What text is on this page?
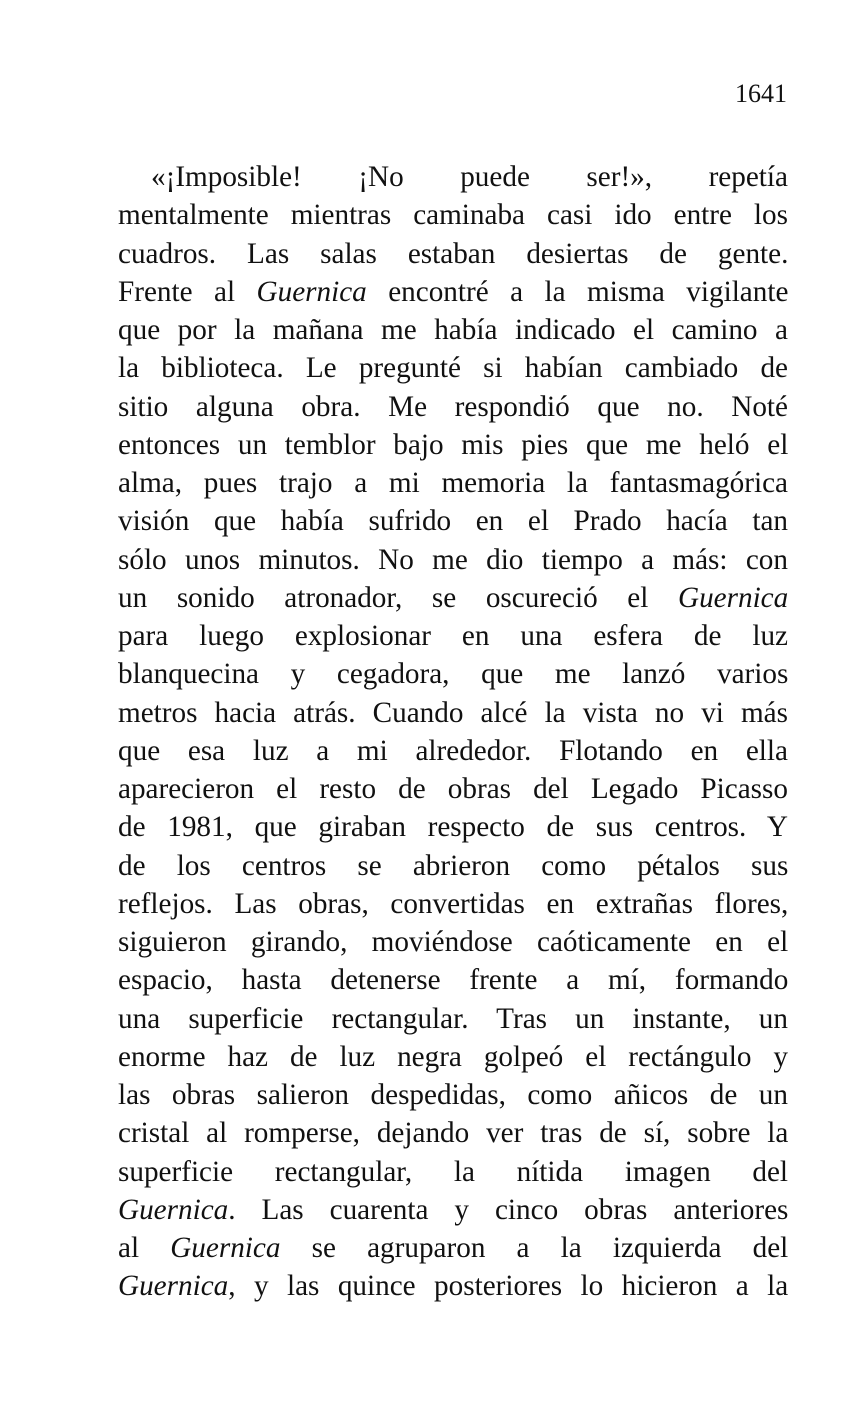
1641
«¡Imposible! ¡No puede ser!», repetía
mentalmente mientras caminaba casi ido entre los
cuadros. Las salas estaban desiertas de gente.
Frente al Guernica encontré a la misma vigilante
que por la mañana me había indicado el camino a
la biblioteca. Le pregunté si habían cambiado de
sitio alguna obra. Me respondió que no. Noté
entonces un temblor bajo mis pies que me heló el
alma, pues trajo a mi memoria la fantasmagórica
visión que había sufrido en el Prado hacía tan
sólo unos minutos. No me dio tiempo a más: con
un sonido atronador, se oscureció el Guernica
para luego explosionar en una esfera de luz
blanquecina y cegadora, que me lanzó varios
metros hacia atrás. Cuando alcé la vista no vi más
que esa luz a mi alrededor. Flotando en ella
aparecieron el resto de obras del Legado Picasso
de 1981, que giraban respecto de sus centros. Y
de los centros se abrieron como pétalos sus
reflejos. Las obras, convertidas en extrañas flores,
siguieron girando, moviéndose caóticamente en el
espacio, hasta detenerse frente a mí, formando
una superficie rectangular. Tras un instante, un
enorme haz de luz negra golpeó el rectángulo y
las obras salieron despedidas, como añicos de un
cristal al romperse, dejando ver tras de sí, sobre la
superficie rectangular, la nítida imagen del
Guernica. Las cuarenta y cinco obras anteriores
al Guernica se agruparon a la izquierda del
Guernica, y las quince posteriores lo hicieron a la
